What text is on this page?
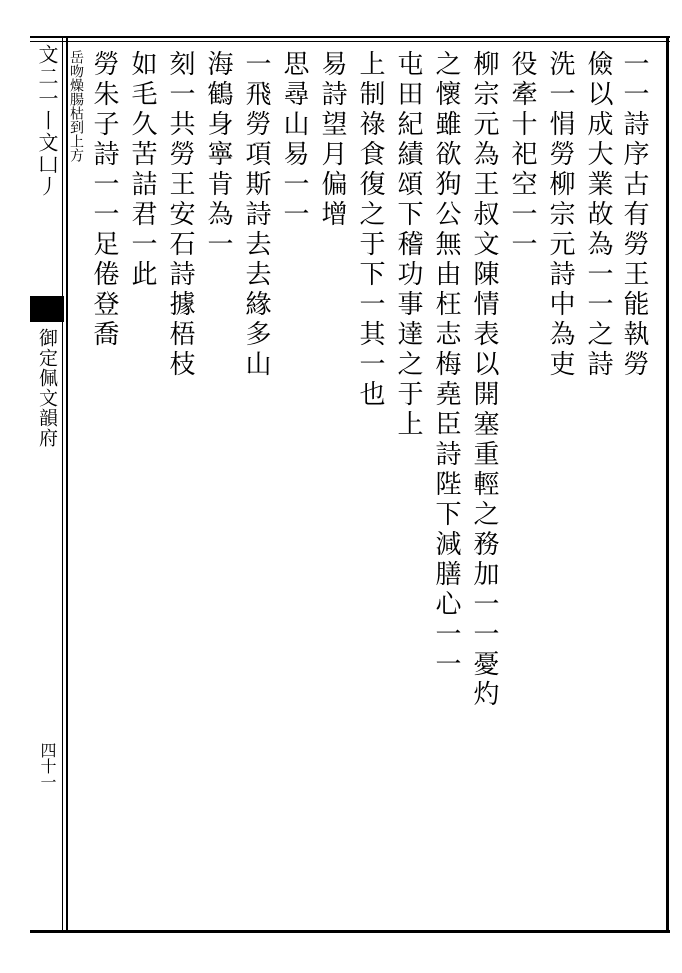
文⼆⼀⼁⽂⼐⼃
御定佩文韻府
四十一
一一詩序古有勞王能執勞
儉以成大業故為一一之詩
洗一悁勞柳宗元詩中為吏
役牽十祀空一一
柳宗元為王叔文陳情表以開塞重輕之務加一一憂灼
之懷雖欲狗公無由枉志梅堯臣詩陛下減膳心一一
屯田紀績頌下稽功事達之于上
上制祿食復之于下一其一也
易詩望月偏增
思尋山易一一
一飛勞項斯詩去去緣多山
海鶴身寧肯為一
刻一共勞王安石詩據梧枝
如毛久苦詰君一此
勞朱子詩一一足倦登喬
岳吻燥腸枯到上方
